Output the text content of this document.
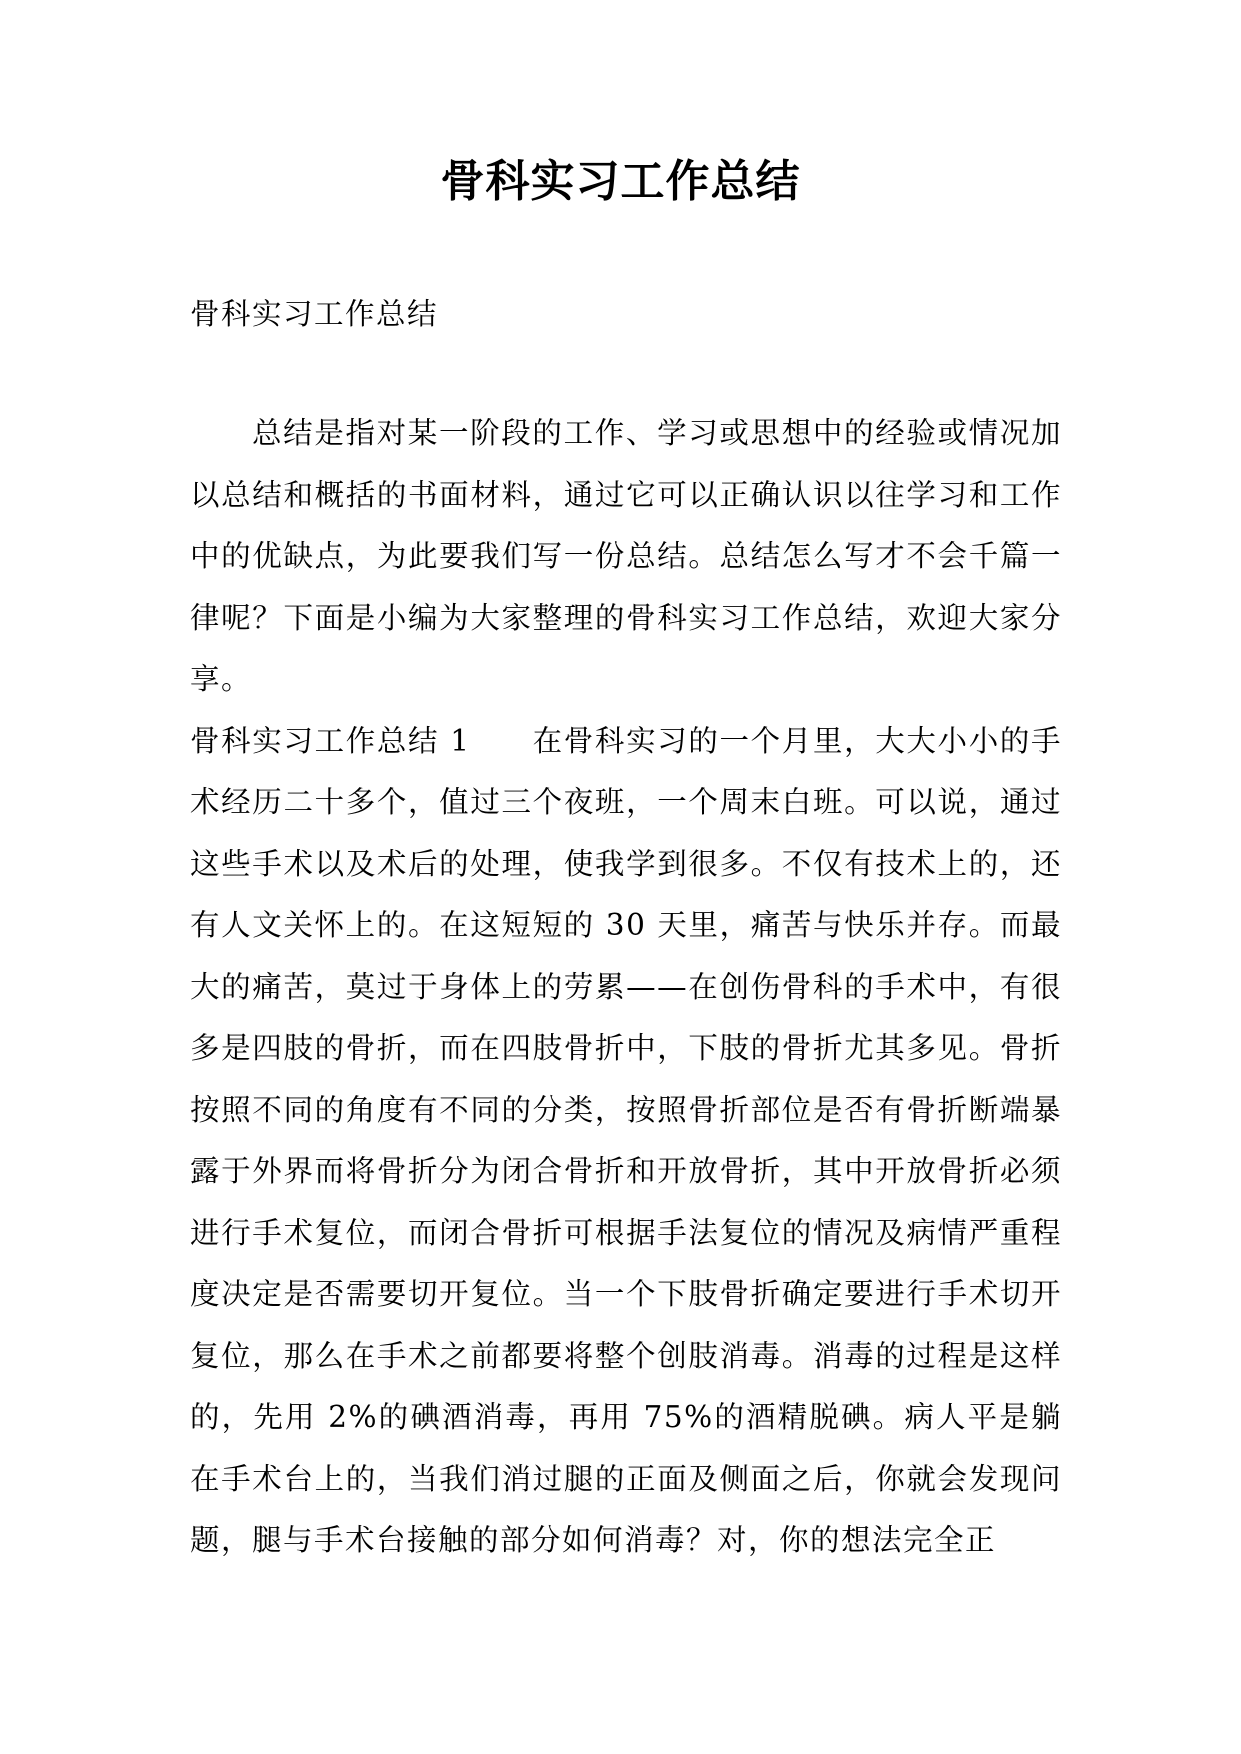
骨科实习工作总结

骨科实习工作总结

总结是指对某一阶段的工作、学习或思想中的经验或情况加以总结和概括的书面材料，通过它可以正确认识以往学习和工作中的优缺点，为此要我们写一份总结。总结怎么写才不会千篇一律呢？下面是小编为大家整理的骨科实习工作总结，欢迎大家分享。

骨科实习工作总结 1 在骨科实习的一个月里，大大小小的手术经历二十多个，值过三个夜班，一个周末白班。可以说，通过这些手术以及术后的处理，使我学到很多。不仅有技术上的，还有人文关怀上的。在这短短的 30 天里，痛苦与快乐并存。而最大的痛苦，莫过于身体上的劳累——在创伤骨科的手术中，有很多是四肢的骨折，而在四肢骨折中，下肢的骨折尤其多见。骨折按照不同的角度有不同的分类，按照骨折部位是否有骨折断端暴露于外界而将骨折分为闭合骨折和开放骨折，其中开放骨折必须进行手术复位，而闭合骨折可根据手法复位的情况及病情严重程度决定是否需要切开复位。当一个下肢骨折确定要进行手术切开复位，那么在手术之前都要将整个创肢消毒。消毒的过程是这样的，先用 2%的碘酒消毒，再用 75%的酒精脱碘。病人平是躺在手术台上的，当我们消过腿的正面及侧面之后，你就会发现问题，腿与手术台接触的部分如何消毒？对，你的想法完全正
